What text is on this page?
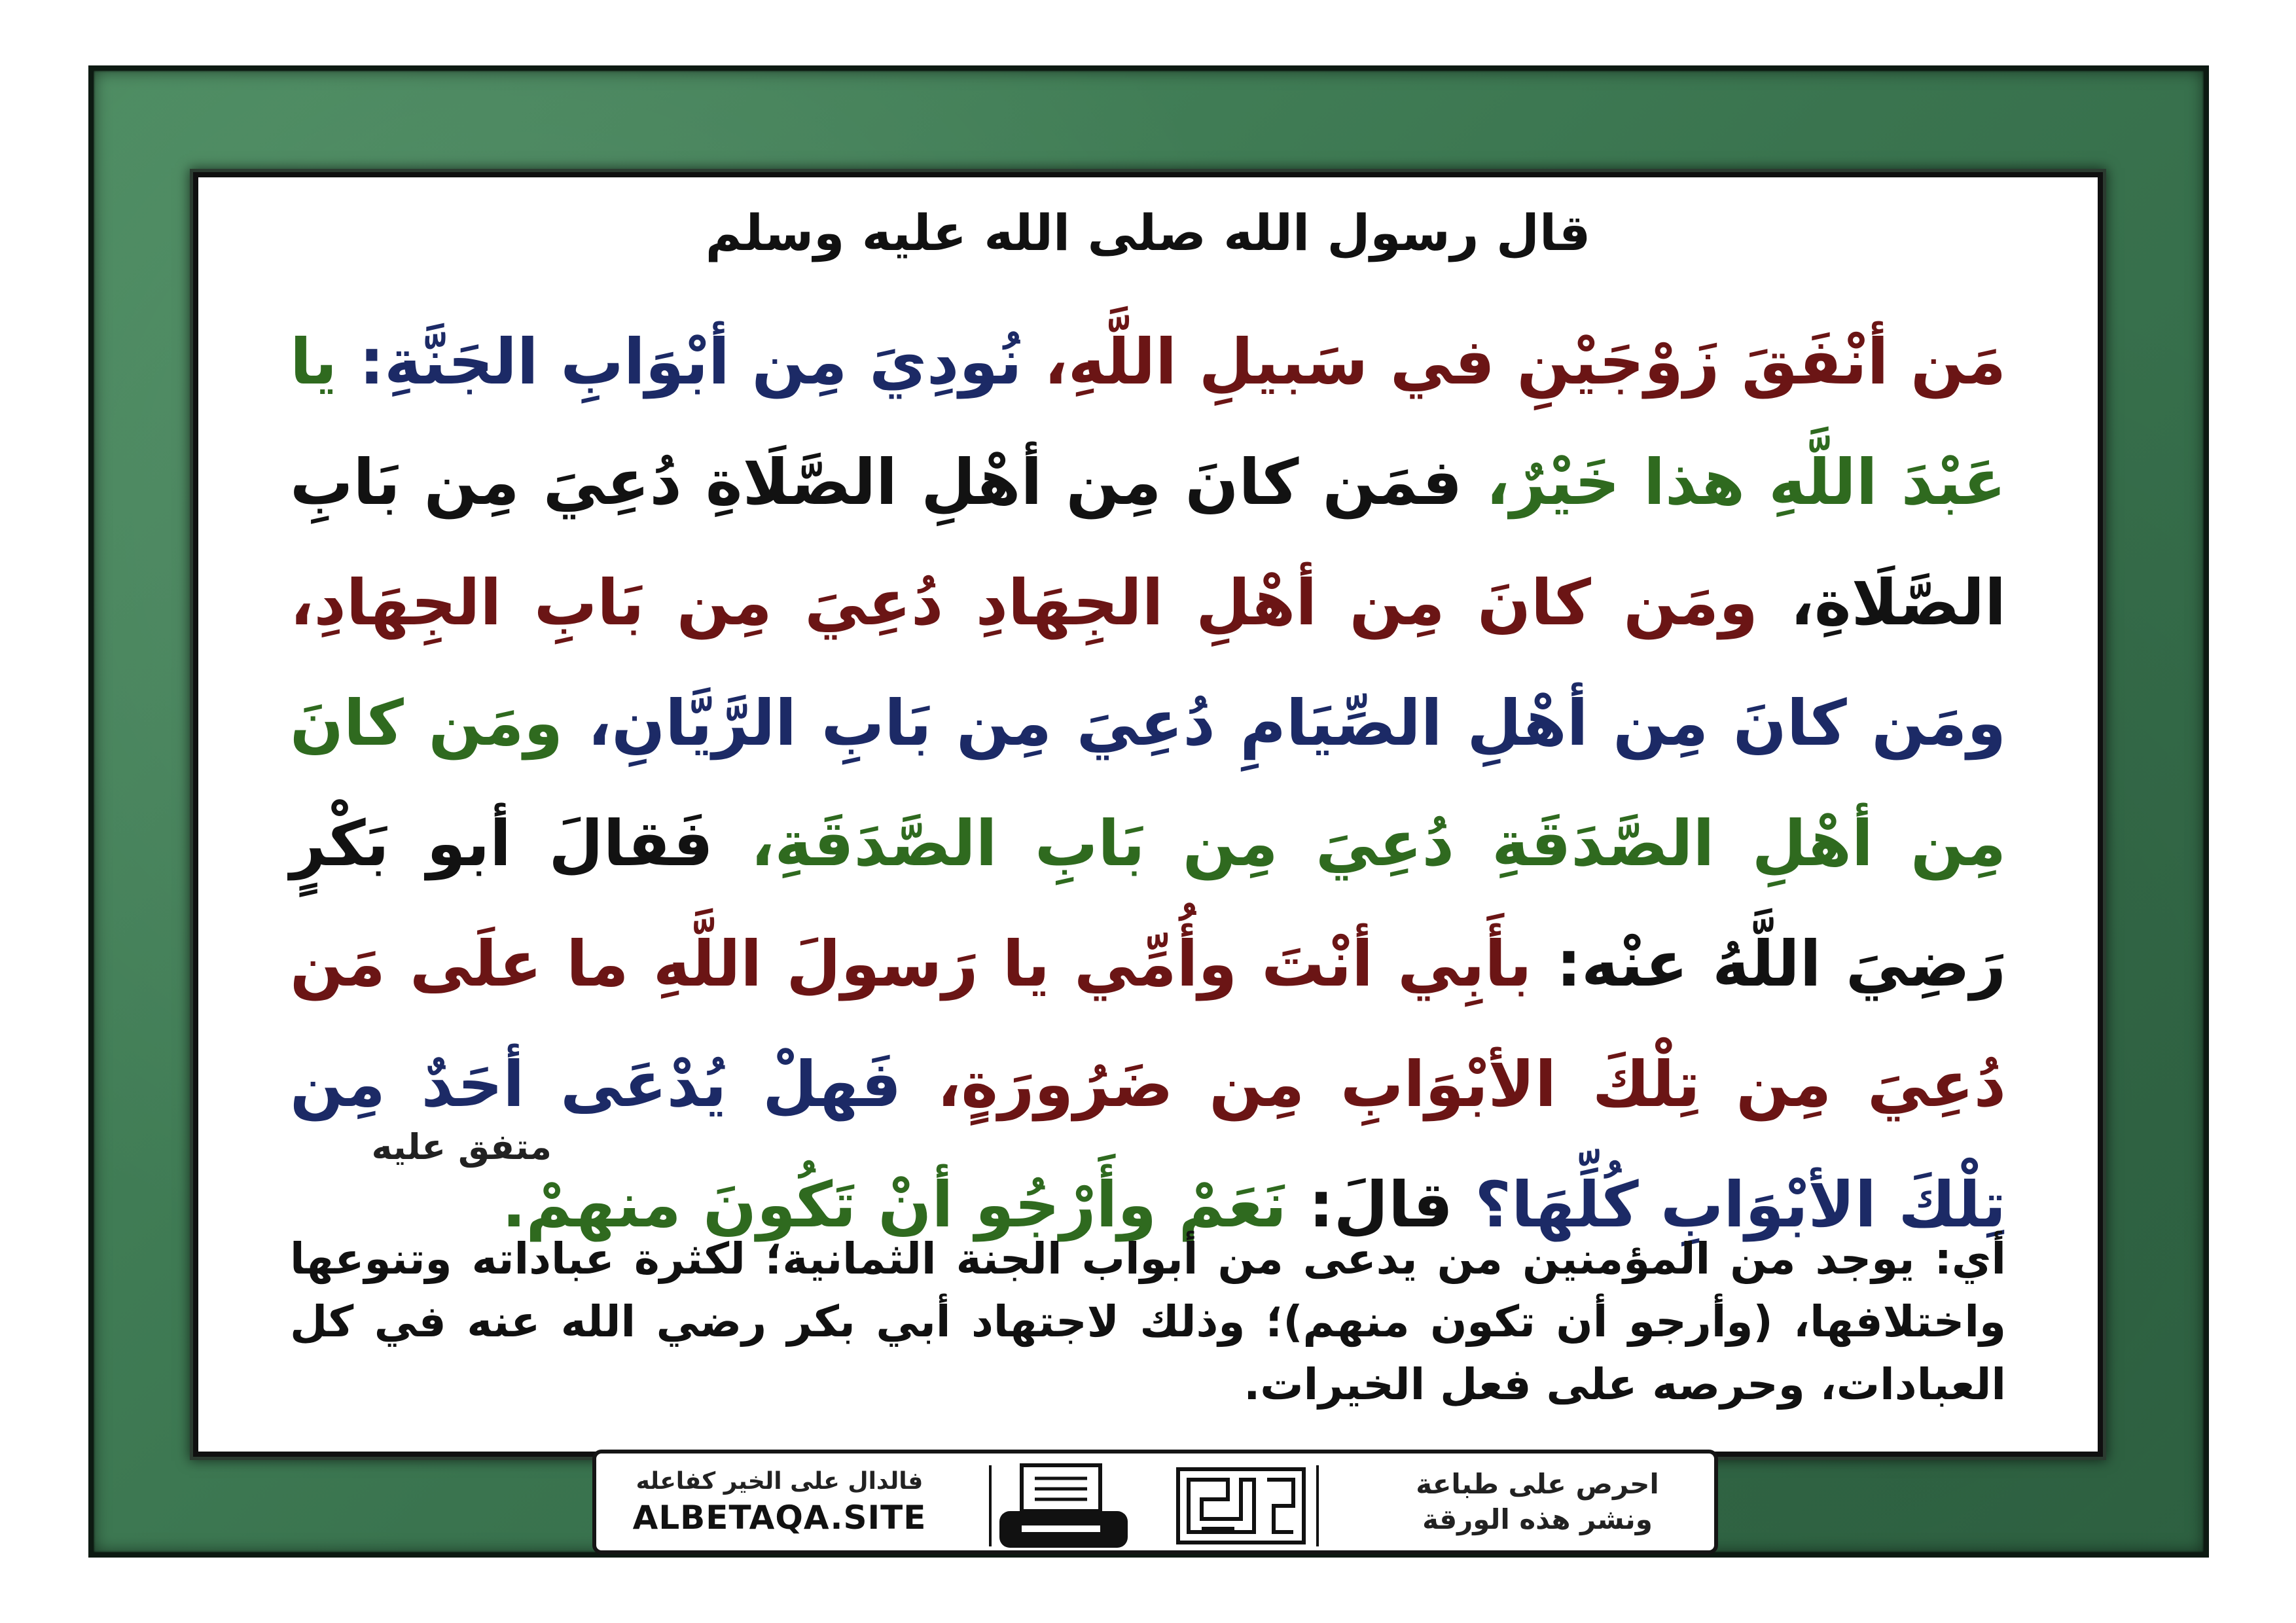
قال رسول الله صلى الله عليه وسلم
مَن أنْفَقَ زَوْجَيْنِ في سَبيلِ اللَّهِ، نُودِيَ مِن أبْوَابِ الجَنَّةِ: يا عَبْدَ اللَّهِ هذا خَيْرٌ، فمَن كانَ مِن أهْلِ الصَّلَاةِ دُعِيَ مِن بَابِ الصَّلَاةِ، ومَن كانَ مِن أهْلِ الجِهَادِ دُعِيَ مِن بَابِ الجِهَادِ، ومَن كانَ مِن أهْلِ الصِّيَامِ دُعِيَ مِن بَابِ الرَّيَّانِ، ومَن كانَ مِن أهْلِ الصَّدَقَةِ دُعِيَ مِن بَابِ الصَّدَقَةِ، فَقالَ أبو بَكْرٍ رَضِيَ اللَّهُ عنْه: بأَبِي أنْتَ وأُمِّي يا رَسولَ اللَّهِ ما علَى مَن دُعِيَ مِن تِلْكَ الأبْوَابِ مِن ضَرُورَةٍ، فَهلْ يُدْعَى أحَدٌ مِن تِلْكَ الأبْوَابِ كُلِّهَا؟ قالَ: نَعَمْ وأَرْجُو أنْ تَكُونَ منهمْ.
متفق عليه
أي: يوجد من المؤمنين من يدعى من أبواب الجنة الثمانية؛ لكثرة عباداته وتنوعها واختلافها، (وأرجو أن تكون منهم)؛ وذلك لاجتهاد أبي بكر رضي الله عنه في كل العبادات، وحرصه على فعل الخيرات.
احرص على طباعة
ونشر هذه الورقة
فالدال على الخير كفاعله
ALBETAQA.SITE
